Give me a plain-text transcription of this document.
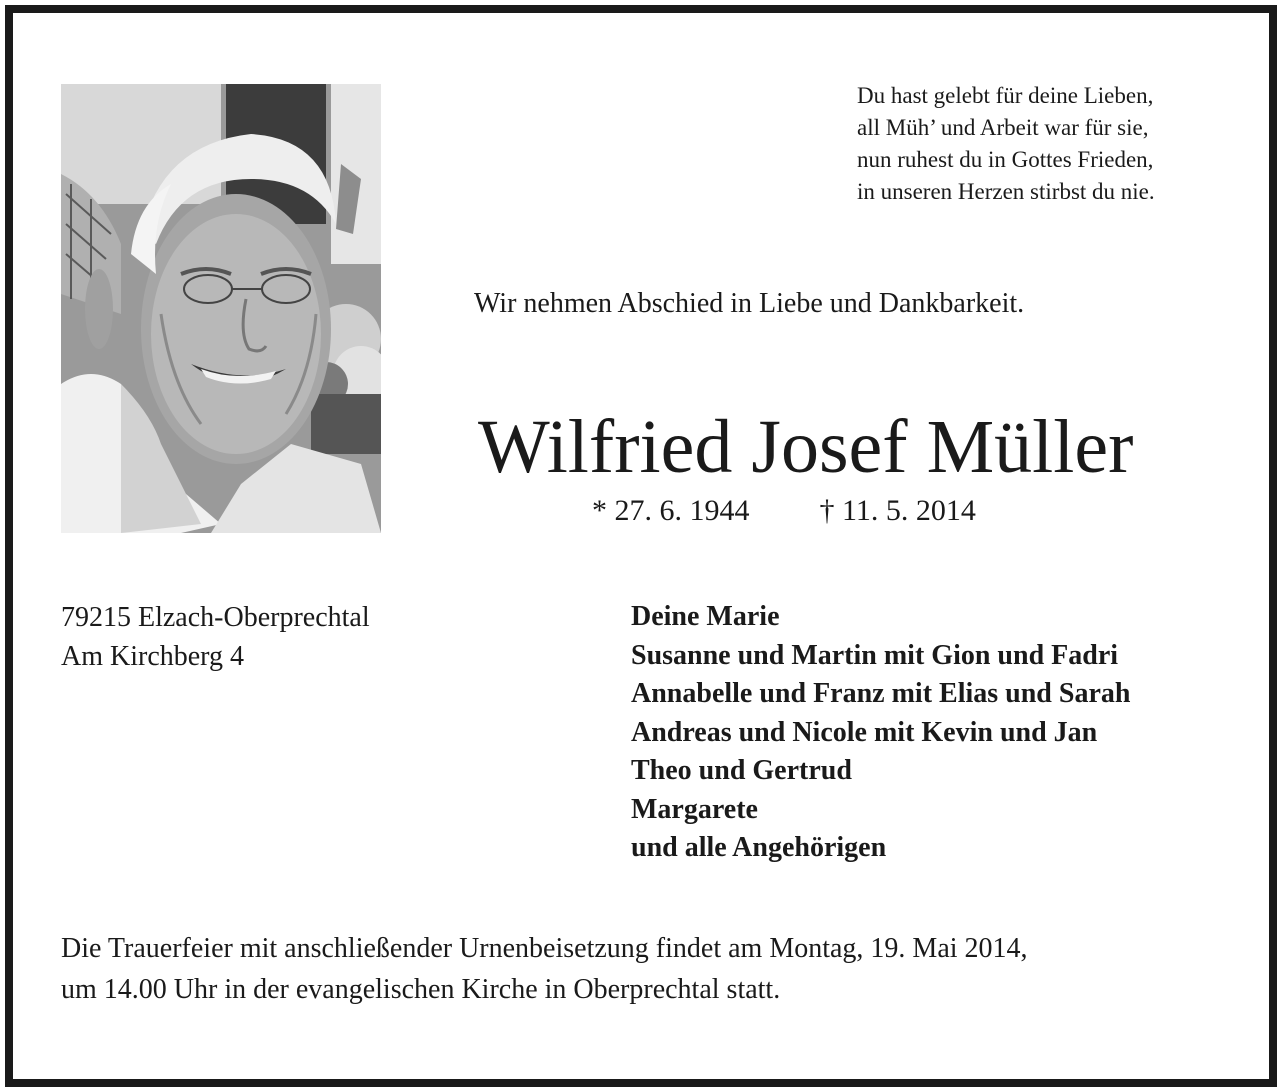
Du hast gelebt für deine Lieben,
all Müh’ und Arbeit war für sie,
nun ruhest du in Gottes Frieden,
in unseren Herzen stirbst du nie.
Wir nehmen Abschied in Liebe und Dankbarkeit.
Wilfried Josef Müller
* 27. 6. 1944 † 11. 5. 2014
79215 Elzach-Oberprechtal
Am Kirchberg 4
Deine Marie
Susanne und Martin mit Gion und Fadri
Annabelle und Franz mit Elias und Sarah
Andreas und Nicole mit Kevin und Jan
Theo und Gertrud
Margarete
und alle Angehörigen
Die Trauerfeier mit anschließender Urnenbeisetzung findet am Montag, 19. Mai 2014,
um 14.00 Uhr in der evangelischen Kirche in Oberprechtal statt.
